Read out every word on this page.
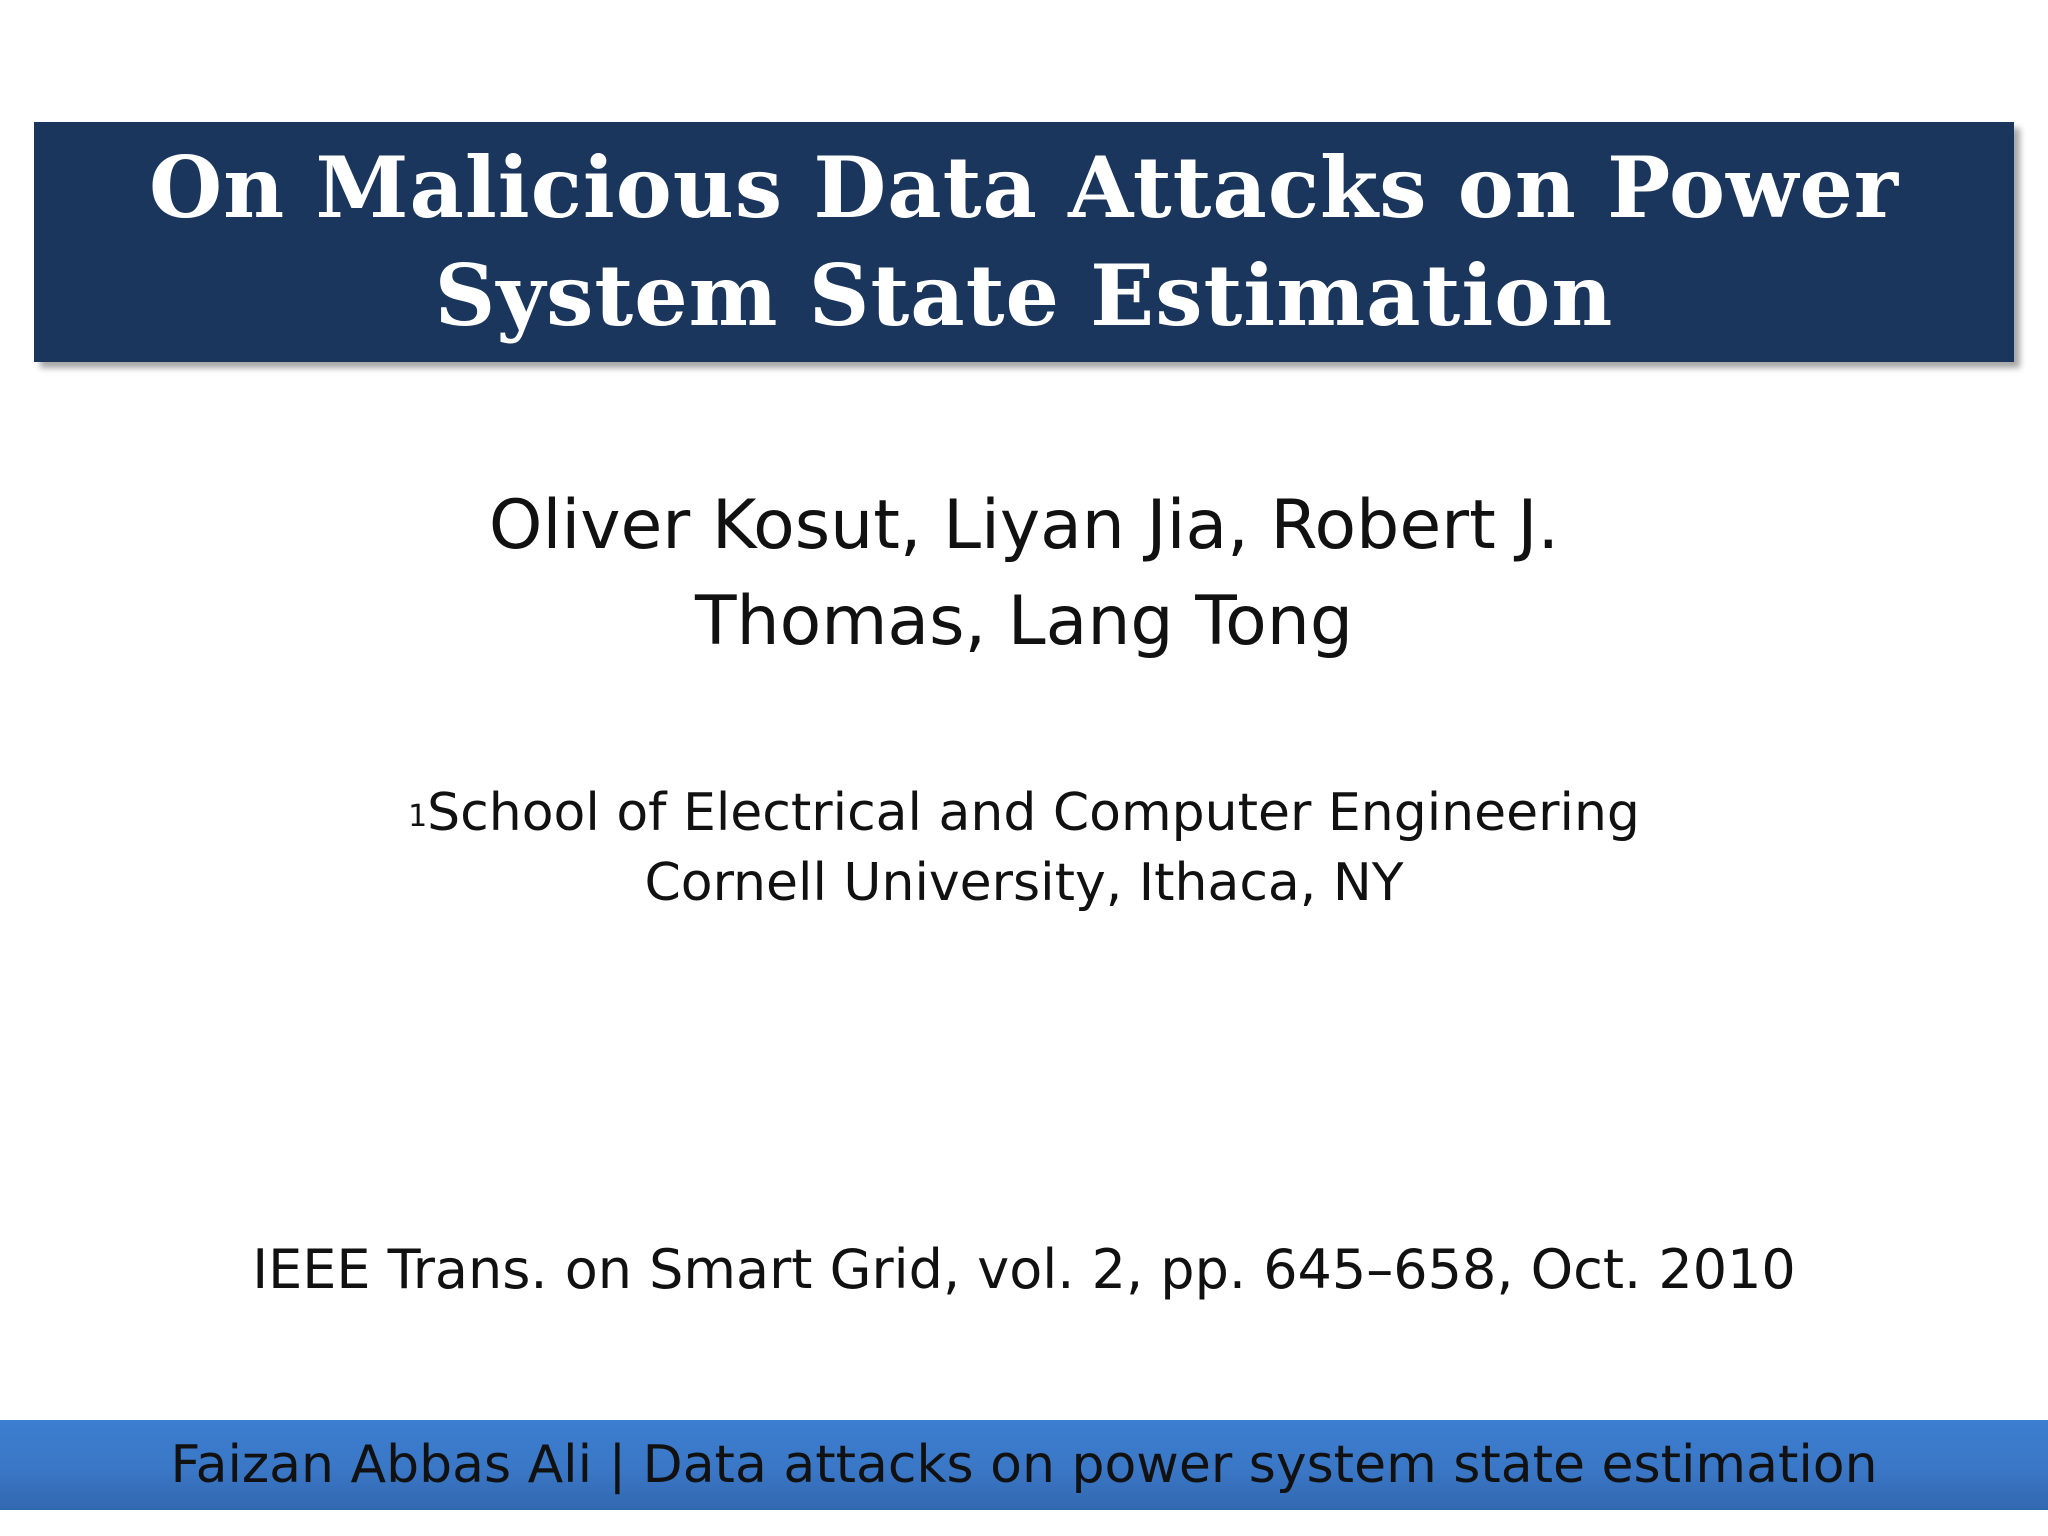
On Malicious Data Attacks on Power
System State Estimation
Oliver Kosut, Liyan Jia, Robert J.
Thomas, Lang Tong
$^1$School of Electrical and Computer Engineering
Cornell University, Ithaca, NY
IEEE Trans. on Smart Grid, vol. 2, pp. 645–658, Oct. 2010
Faizan Abbas Ali | Data attacks on power system state estimation
